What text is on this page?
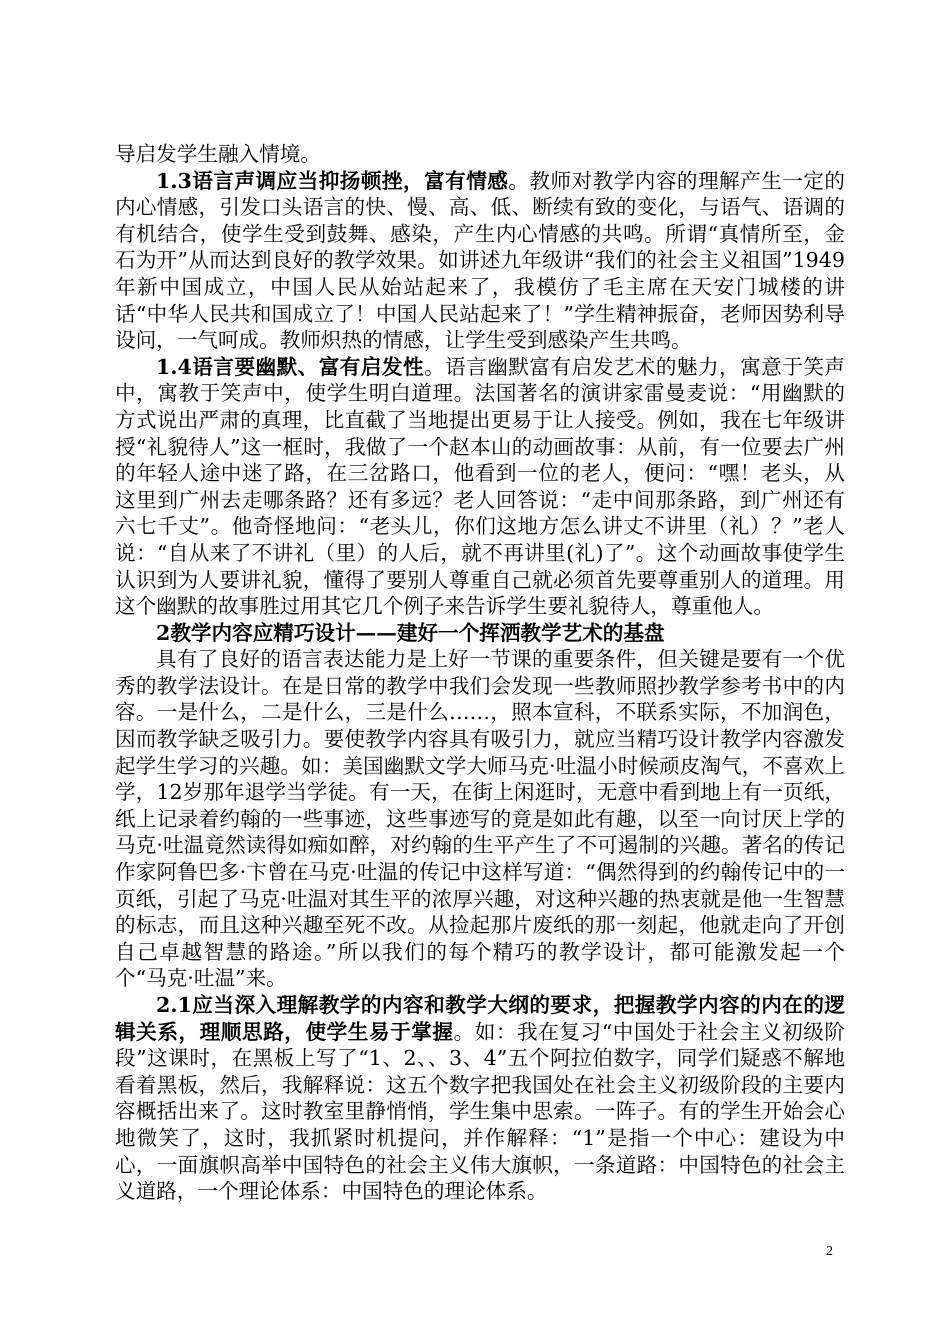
导启发学生融入情境。

1.3语言声调应当抑扬顿挫，富有情感。教师对教学内容的理解产生一定的内心情感，引发口头语言的快、慢、高、低、断续有致的变化，与语气、语调的有机结合，使学生受到鼓舞、感染，产生内心情感的共鸣。所谓“真情所至，金石为开”从而达到良好的教学效果。如讲述九年级讲“我们的社会主义祖国”1949年新中国成立，中国人民从始站起来了，我模仿了毛主席在天安门城楼的讲话“中华人民共和国成立了！中国人民站起来了！”学生精神振奋，老师因势利导设问，一气呵成。教师炽热的情感，让学生受到感染产生共鸣。

1.4语言要幽默、富有启发性。语言幽默富有启发艺术的魅力，寓意于笑声中，寓教于笑声中，使学生明白道理。法国著名的演讲家雷曼麦说：“用幽默的方式说出严肃的真理，比直截了当地提出更易于让人接受。例如，我在七年级讲授“礼貌待人”这一框时，我做了一个赵本山的动画故事：从前，有一位要去广州的年轻人途中迷了路，在三岔路口，他看到一位的老人，便问：“嘿！老头，从这里到广州去走哪条路？还有多远？老人回答说：“走中间那条路，到广州还有六七千丈”。他奇怪地问：“老头儿，你们这地方怎么讲丈不讲里（礼）？”老人说：“自从来了不讲礼（里）的人后，就不再讲里(礼)了”。这个动画故事使学生认识到为人要讲礼貌，懂得了要别人尊重自己就必须首先要尊重别人的道理。用这个幽默的故事胜过用其它几个例子来告诉学生要礼貌待人，尊重他人。

2教学内容应精巧设计——建好一个挥洒教学艺术的基盘

具有了良好的语言表达能力是上好一节课的重要条件，但关键是要有一个优秀的教学法设计。在是日常的教学中我们会发现一些教师照抄教学参考书中的内容。一是什么，二是什么，三是什么……，照本宣科，不联系实际，不加润色，因而教学缺乏吸引力。要使教学内容具有吸引力，就应当精巧设计教学内容激发起学生学习的兴趣。如：美国幽默文学大师马克·吐温小时候顽皮淘气，不喜欢上学，12岁那年退学当学徒。有一天，在街上闲逛时，无意中看到地上有一页纸，纸上记录着约翰的一些事迹，这些事迹写的竟是如此有趣，以至一向讨厌上学的马克·吐温竟然读得如痴如醉，对约翰的生平产生了不可遏制的兴趣。著名的传记作家阿鲁巴多·卞曾在马克·吐温的传记中这样写道：“偶然得到的约翰传记中的一页纸，引起了马克·吐温对其生平的浓厚兴趣，对这种兴趣的热衷就是他一生智慧的标志，而且这种兴趣至死不改。从捡起那片废纸的那一刻起，他就走向了开创自己卓越智慧的路途。”所以我们的每个精巧的教学设计，都可能激发起一个个“马克·吐温”来。

2.1应当深入理解教学的内容和教学大纲的要求，把握教学内容的内在的逻辑关系，理顺思路，使学生易于掌握。如：我在复习“中国处于社会主义初级阶段”这课时，在黑板上写了“1、2、、3、4”五个阿拉伯数字，同学们疑惑不解地看着黑板，然后，我解释说：这五个数字把我国处在社会主义初级阶段的主要内容概括出来了。这时教室里静悄悄，学生集中思索。一阵子。有的学生开始会心地微笑了，这时，我抓紧时机提问，并作解释：“1”是指一个中心：建设为中心，一面旗帜高举中国特色的社会主义伟大旗帜，一条道路：中国特色的社会主义道路，一个理论体系：中国特色的理论体系。

2
